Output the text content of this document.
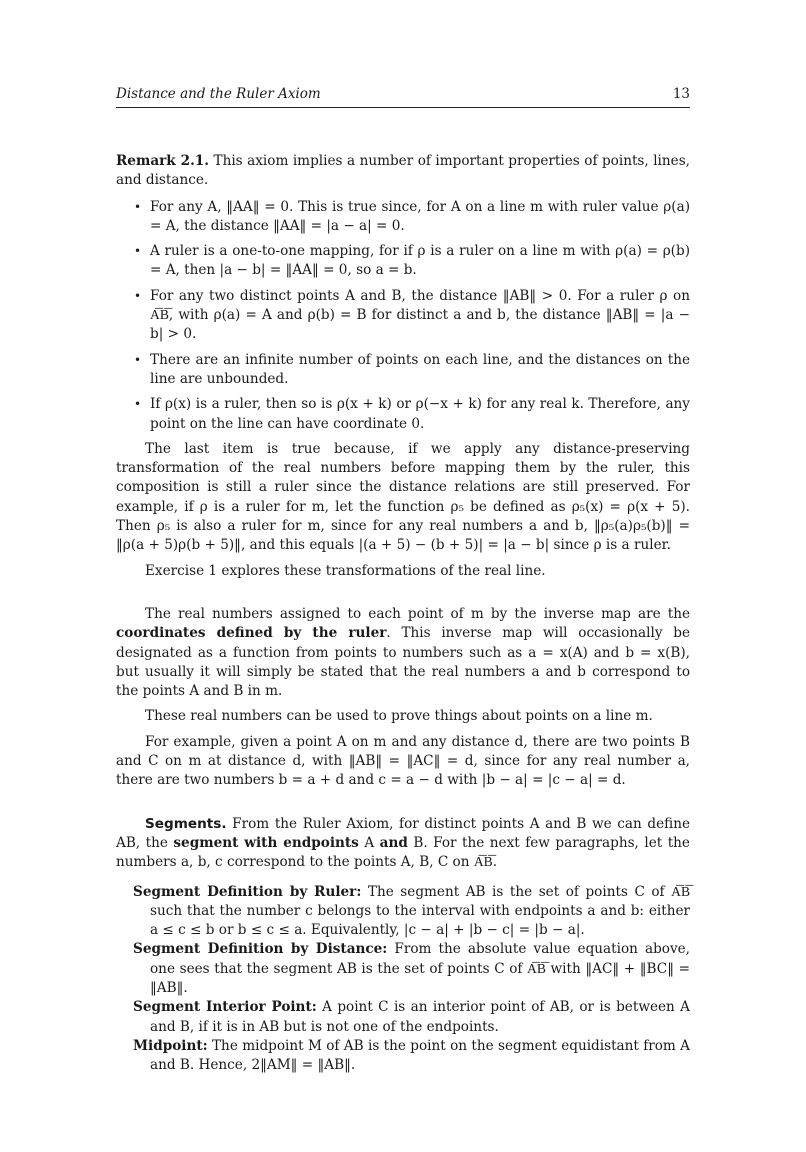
Distance and the Ruler Axiom	13

Remark 2.1. This axiom implies a number of important properties of points, lines, and distance.

• For any A, ‖AA‖ = 0. This is true since, for A on a line m with ruler value ρ(a) = A, the distance ‖AA‖ = |a − a| = 0.
• A ruler is a one-to-one mapping, for if ρ is a ruler on a line m with ρ(a) = ρ(b) = A, then |a − b| = ‖AA‖ = 0, so a = b.
• For any two distinct points A and B, the distance ‖AB‖ > 0. For a ruler ρ on A͞B͞, with ρ(a) = A and ρ(b) = B for distinct a and b, the distance ‖AB‖ = |a − b| > 0.
• There are an infinite number of points on each line, and the distances on the line are unbounded.
• If ρ(x) is a ruler, then so is ρ(x + k) or ρ(−x + k) for any real k. Therefore, any point on the line can have coordinate 0.

The last item is true because, if we apply any distance-preserving transformation of the real numbers before mapping them by the ruler, this composition is still a ruler since the distance relations are still preserved. For example, if ρ is a ruler for m, let the function ρ₅ be defined as ρ₅(x) = ρ(x + 5). Then ρ₅ is also a ruler for m, since for any real numbers a and b, ‖ρ₅(a)ρ₅(b)‖ = ‖ρ(a + 5)ρ(b + 5)‖, and this equals |(a + 5) − (b + 5)| = |a − b| since ρ is a ruler.

Exercise 1 explores these transformations of the real line.

The real numbers assigned to each point of m by the inverse map are the coordinates defined by the ruler. This inverse map will occasionally be designated as a function from points to numbers such as a = x(A) and b = x(B), but usually it will simply be stated that the real numbers a and b correspond to the points A and B in m.

These real numbers can be used to prove things about points on a line m.

For example, given a point A on m and any distance d, there are two points B and C on m at distance d, with ‖AB‖ = ‖AC‖ = d, since for any real number a, there are two numbers b = a + d and c = a − d with |b − a| = |c − a| = d.

Segments. From the Ruler Axiom, for distinct points A and B we can define AB, the segment with endpoints A and B. For the next few paragraphs, let the numbers a, b, c correspond to the points A, B, C on A͞B͞.

Segment Definition by Ruler: The segment AB is the set of points C of A͞B͞ such that the number c belongs to the interval with endpoints a and b: either a ≤ c ≤ b or b ≤ c ≤ a. Equivalently, |c − a| + |b − c| = |b − a|.

Segment Definition by Distance: From the absolute value equation above, one sees that the segment AB is the set of points C of A͞B͞ with ‖AC‖ + ‖BC‖ = ‖AB‖.

Segment Interior Point: A point C is an interior point of AB, or is between A and B, if it is in AB but is not one of the endpoints.

Midpoint: The midpoint M of AB is the point on the segment equidistant from A and B. Hence, 2‖AM‖ = ‖AB‖.
